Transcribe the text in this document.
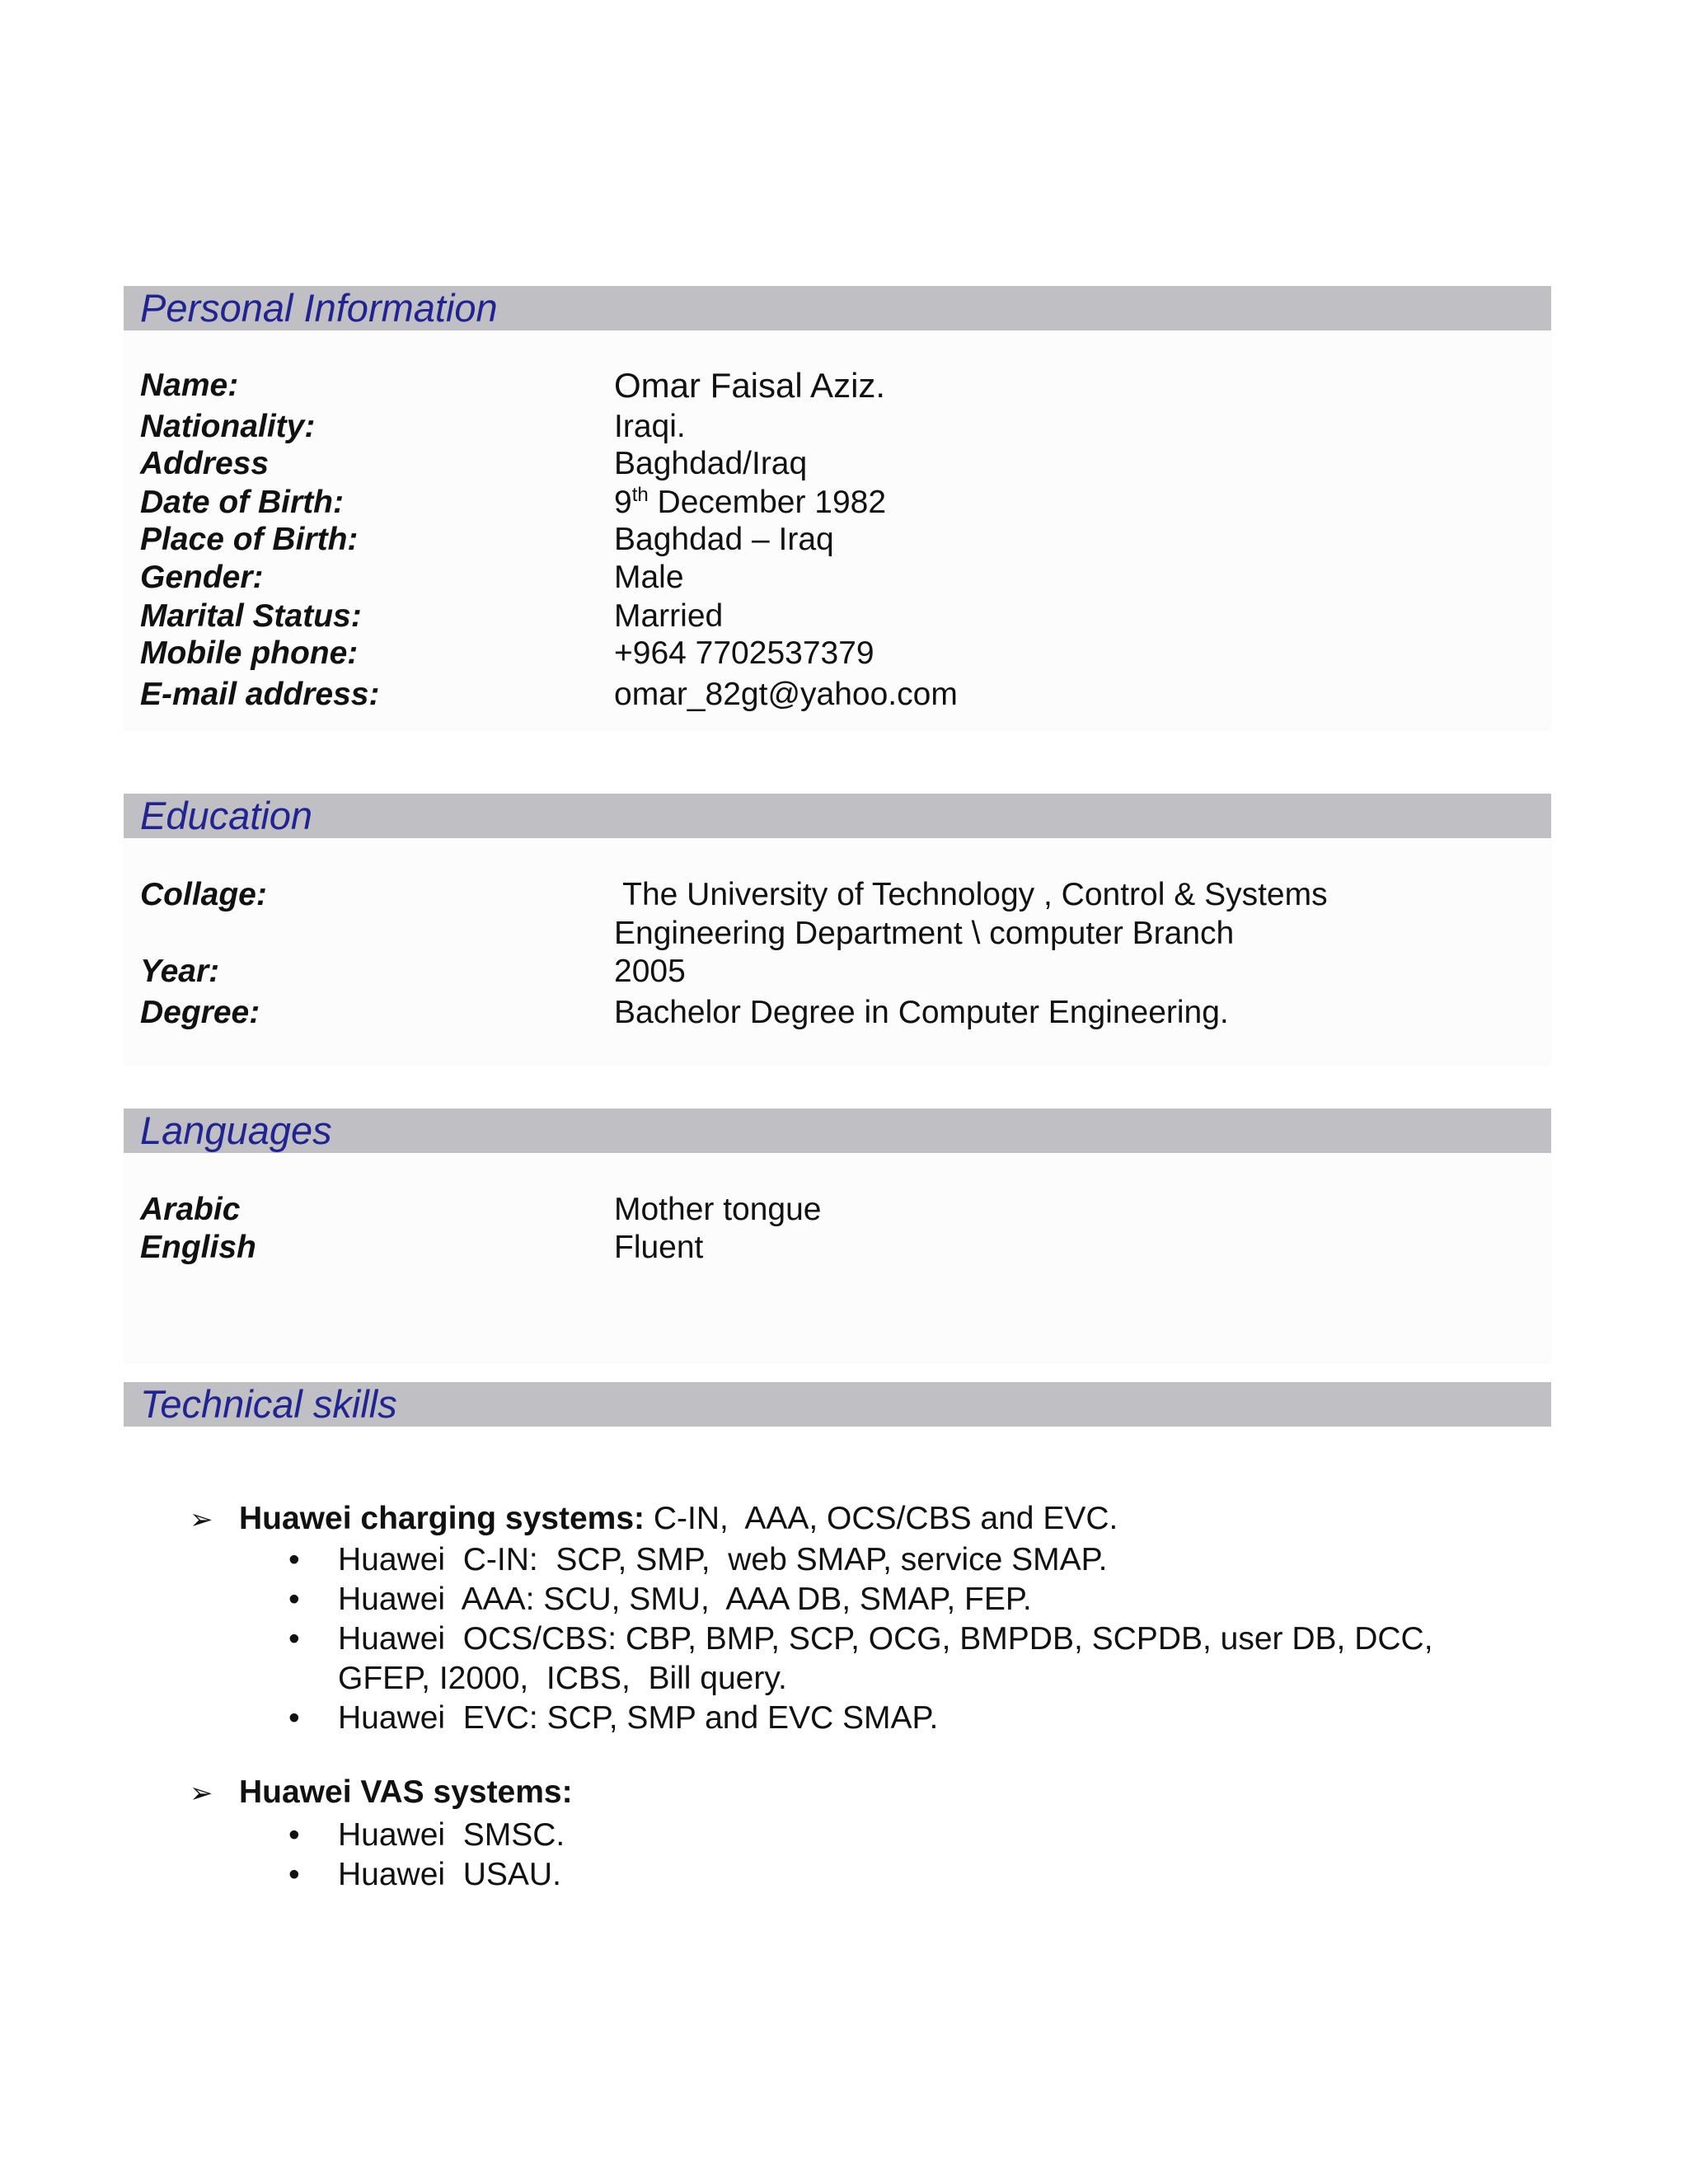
Personal Information
Name:	Omar Faisal Aziz.
Nationality:	Iraqi.
Address	Baghdad/Iraq
Date of Birth:	9th December 1982
Place of Birth:	Baghdad – Iraq
Gender:	Male
Marital Status:	Married
Mobile phone:	+964 7702537379
E-mail address:	omar_82gt@yahoo.com
Education
Collage:	The University of Technology , Control & Systems
Engineering Department \ computer Branch
Year:	2005
Degree:	Bachelor Degree in Computer Engineering.
Languages
Arabic	Mother tongue
English	Fluent
Technical skills
➢ Huawei charging systems: C-IN,  AAA, OCS/CBS and EVC.
•	Huawei  C-IN:  SCP, SMP,  web SMAP, service SMAP.
•	Huawei  AAA: SCU, SMU,  AAA DB, SMAP, FEP.
•	Huawei  OCS/CBS: CBP, BMP, SCP, OCG, BMPDB, SCPDB, user DB, DCC,
GFEP, I2000,  ICBS,  Bill query.
•	Huawei  EVC: SCP, SMP and EVC SMAP.
➢ Huawei VAS systems:
•	Huawei  SMSC.
•	Huawei  USAU.
